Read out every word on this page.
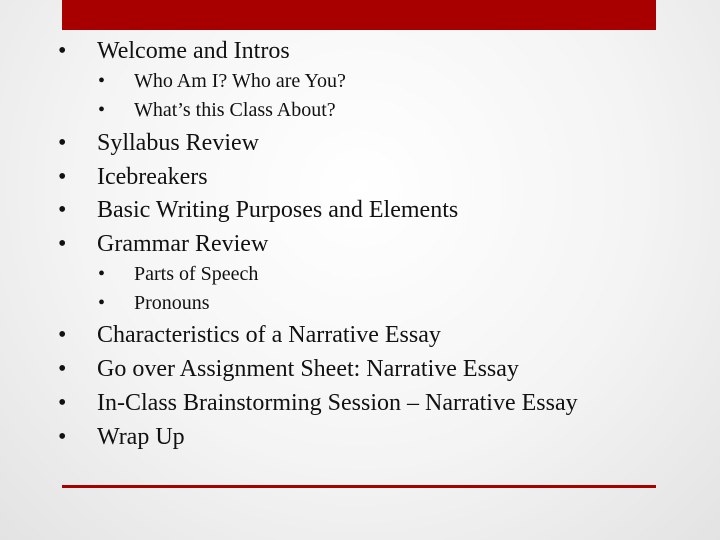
• Welcome and Intros
• Who Am I? Who are You?
• What’s this Class About?
• Syllabus Review
• Icebreakers
• Basic Writing Purposes and Elements
• Grammar Review
• Parts of Speech
• Pronouns
• Characteristics of a Narrative Essay
• Go over Assignment Sheet: Narrative Essay
• In-Class Brainstorming Session – Narrative Essay
• Wrap Up
